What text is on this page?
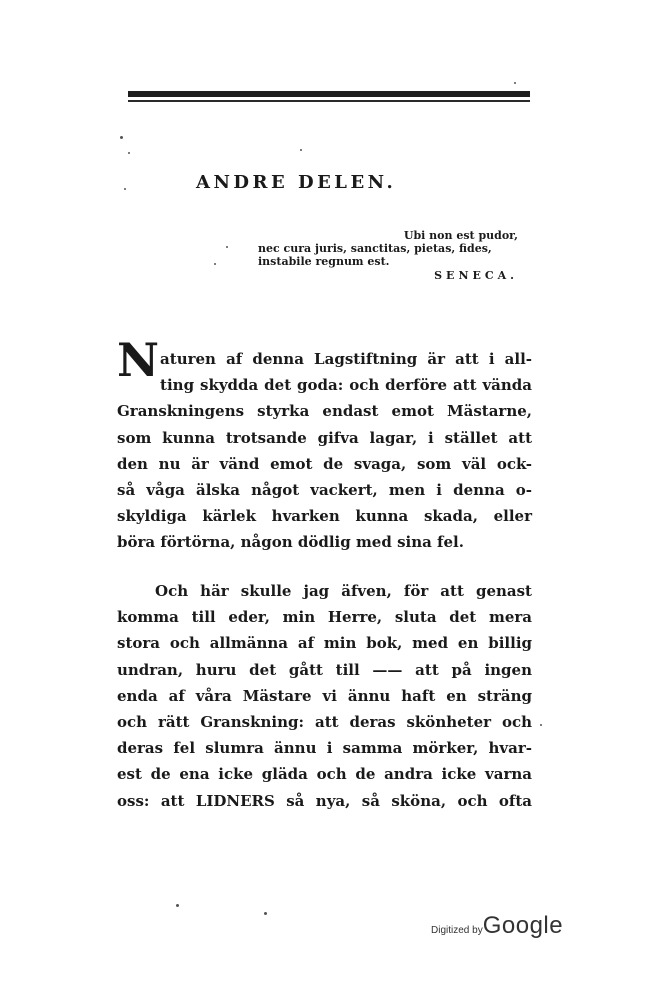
ANDRE DELEN.
Ubi non est pudor,
nec cura juris, sanctitas, pietas, fides,
instabile regnum est.
SENECA.
N aturen af denna Lagstiftning är att i all-
ting skydda det goda: och derföre att vända
Granskningens styrka endast emot Mästarne,
som kunna trotsande gifva lagar, i stället att
den nu är vänd emot de svaga, som väl ock-
så våga älska något vackert, men i denna o-
skyldiga kärlek hvarken kunna skada, eller
böra förtörna, någon dödlig med sina fel.
Och här skulle jag äfven, för att genast
komma till eder, min Herre, sluta det mera
stora och allmänna af min bok, med en billig
undran, huru det gått till —— att på ingen
enda af våra Mästare vi ännu haft en sträng
och rätt Granskning: att deras skönheter och
deras fel slumra ännu i samma mörker, hvar-
est de ena icke gläda och de andra icke varna
oss: att LIDNERS så nya, så sköna, och ofta
Digitized byGoogle
